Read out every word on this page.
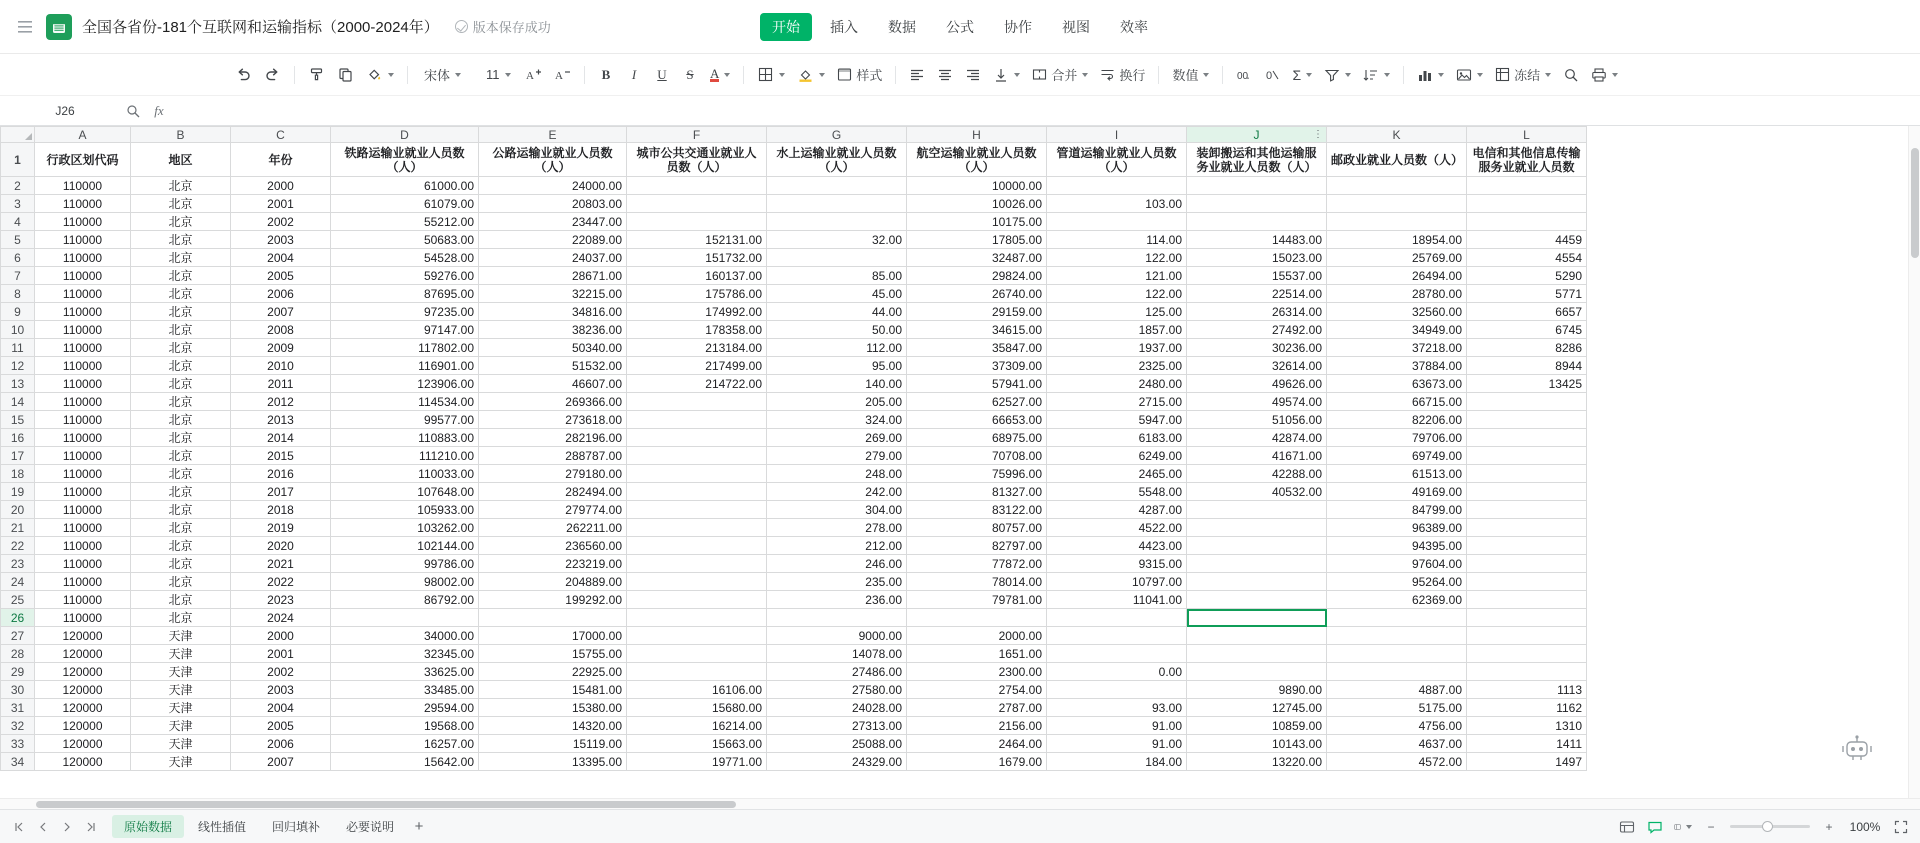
全国各省份-181个互联网和运输指标（2000-2024年）	版本保存成功	开始	插入	数据	公式	协作	视图	效率
宋体	11 A A	B	I	U	S	A	样式	合并	换行 数值	00 0 Σ	冻结
J26	fx
	A	B	C	D	E	F	G	H	I	J ⋮	K	L
1	行政区划代码	地区	年份	铁路运输业就业人员数（人）	公路运输业就业人员数（人）	城市公共交通业就业人员数（人）	水上运输业就业人员数（人）	航空运输业就业人员数（人）	管道运输业就业人员数（人）	装卸搬运和其他运输服务业就业人员数（人）	邮政业就业人员数（人）	电信和其他信息传输服务业就业人员数
2	110000	北京	2000	61000.00	24000.00			10000.00				
3	110000	北京	2001	61079.00	20803.00			10026.00	103.00			
4	110000	北京	2002	55212.00	23447.00			10175.00				
5	110000	北京	2003	50683.00	22089.00	152131.00	32.00	17805.00	114.00	14483.00	18954.00	4459
6	110000	北京	2004	54528.00	24037.00	151732.00		32487.00	122.00	15023.00	25769.00	4554
7	110000	北京	2005	59276.00	28671.00	160137.00	85.00	29824.00	121.00	15537.00	26494.00	5290
8	110000	北京	2006	87695.00	32215.00	175786.00	45.00	26740.00	122.00	22514.00	28780.00	5771
9	110000	北京	2007	97235.00	34816.00	174992.00	44.00	29159.00	125.00	26314.00	32560.00	6657
10	110000	北京	2008	97147.00	38236.00	178358.00	50.00	34615.00	1857.00	27492.00	34949.00	6745
11	110000	北京	2009	117802.00	50340.00	213184.00	112.00	35847.00	1937.00	30236.00	37218.00	8286
12	110000	北京	2010	116901.00	51532.00	217499.00	95.00	37309.00	2325.00	32614.00	37884.00	8944
13	110000	北京	2011	123906.00	46607.00	214722.00	140.00	57941.00	2480.00	49626.00	63673.00	13425
14	110000	北京	2012	114534.00	269366.00		205.00	62527.00	2715.00	49574.00	66715.00	
15	110000	北京	2013	99577.00	273618.00		324.00	66653.00	5947.00	51056.00	82206.00	
16	110000	北京	2014	110883.00	282196.00		269.00	68975.00	6183.00	42874.00	79706.00	
17	110000	北京	2015	111210.00	288787.00		279.00	70708.00	6249.00	41671.00	69749.00	
18	110000	北京	2016	110033.00	279180.00		248.00	75996.00	2465.00	42288.00	61513.00	
19	110000	北京	2017	107648.00	282494.00		242.00	81327.00	5548.00	40532.00	49169.00	
20	110000	北京	2018	105933.00	279774.00		304.00	83122.00	4287.00		84799.00	
21	110000	北京	2019	103262.00	262211.00		278.00	80757.00	4522.00		96389.00	
22	110000	北京	2020	102144.00	236560.00		212.00	82797.00	4423.00		94395.00	
23	110000	北京	2021	99786.00	223219.00		246.00	77872.00	9315.00		97604.00	
24	110000	北京	2022	98002.00	204889.00		235.00	78014.00	10797.00		95264.00	
25	110000	北京	2023	86792.00	199292.00		236.00	79781.00	11041.00		62369.00	
26	110000	北京	2024									
27	120000	天津	2000	34000.00	17000.00		9000.00	2000.00				
28	120000	天津	2001	32345.00	15755.00		14078.00	1651.00				
29	120000	天津	2002	33625.00	22925.00		27486.00	2300.00	0.00			
30	120000	天津	2003	33485.00	15481.00	16106.00	27580.00	2754.00		9890.00	4887.00	1113
31	120000	天津	2004	29594.00	15380.00	15680.00	24028.00	2787.00	93.00	12745.00	5175.00	1162
32	120000	天津	2005	19568.00	14320.00	16214.00	27313.00	2156.00	91.00	10859.00	4756.00	1310
33	120000	天津	2006	16257.00	15119.00	15663.00	25088.00	2464.00	91.00	10143.00	4637.00	1411
34	120000	天津	2007	15642.00	13395.00	19771.00	24329.00	1679.00	184.00	13220.00	4572.00	1497
原始数据	线性插值	回归填补	必要说明	+	−	+	100%
